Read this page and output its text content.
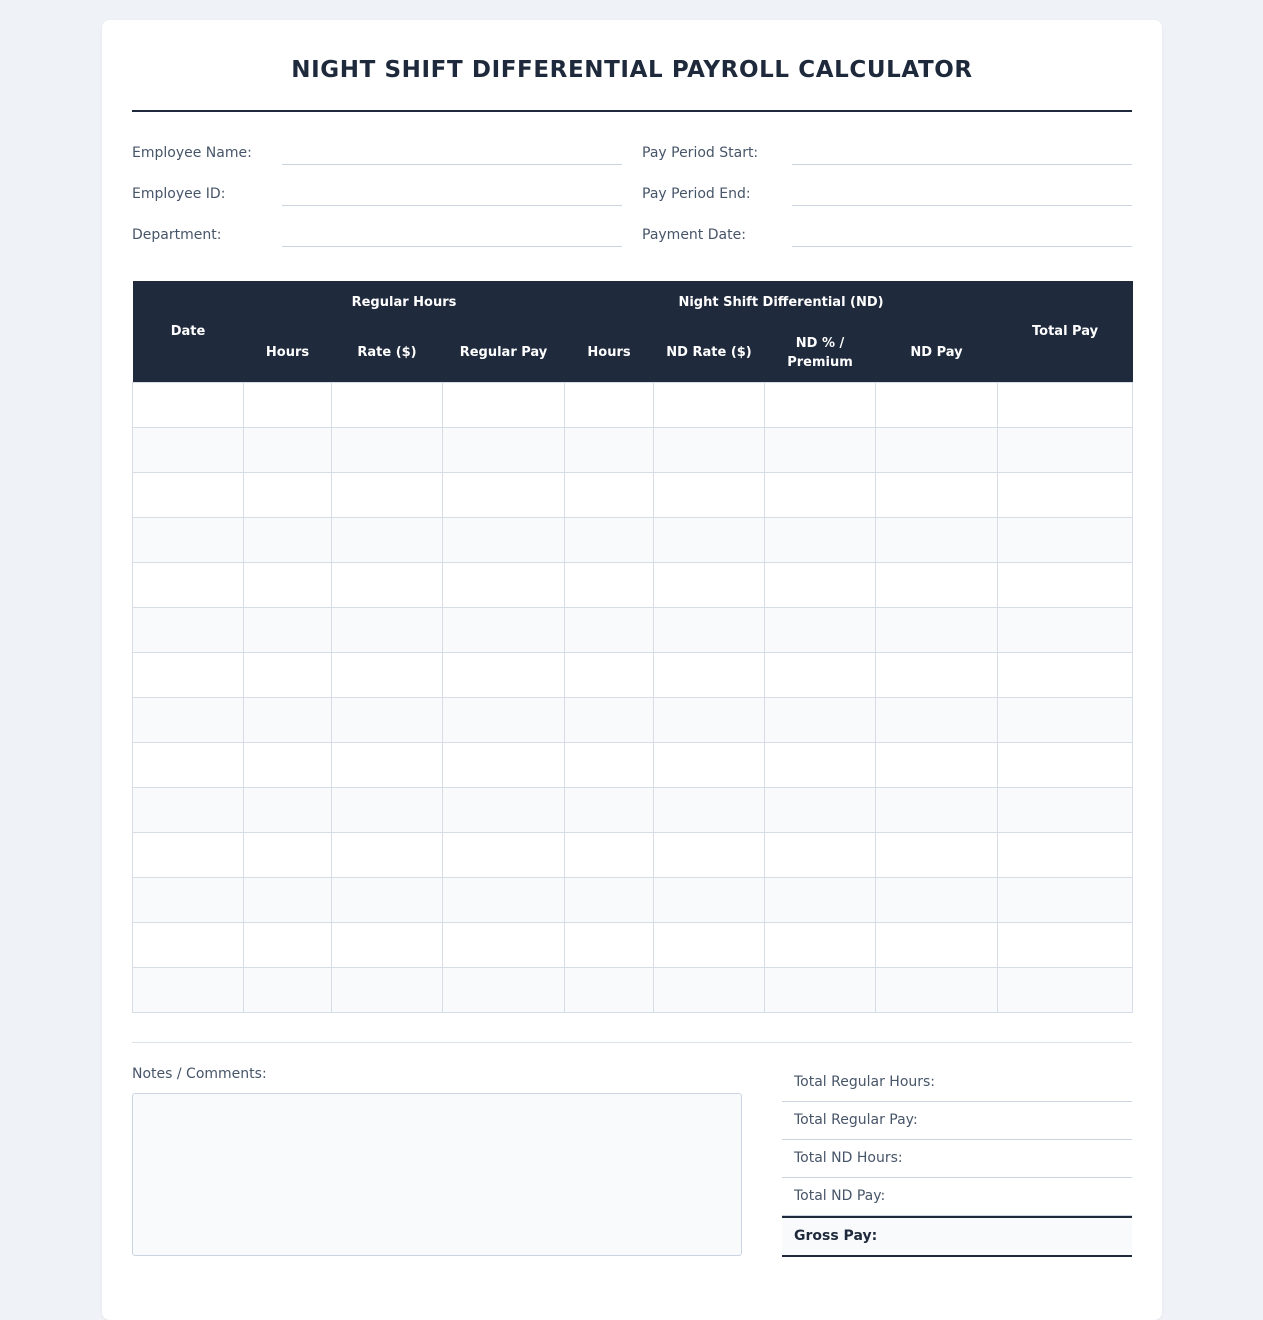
NIGHT SHIFT DIFFERENTIAL PAYROLL CALCULATOR
Employee Name:
Employee ID:
Department:
Pay Period Start:
Pay Period End:
Payment Date:
Date	Regular Hours			Night Shift Differential (ND)				Total Pay
	Hours	Rate ($)	Regular Pay	Hours	ND Rate ($)	ND % / Premium	ND Pay	

Notes / Comments:	Total Regular Hours:
Total Regular Pay:
Total ND Hours:
Total ND Pay:
Gross Pay:
